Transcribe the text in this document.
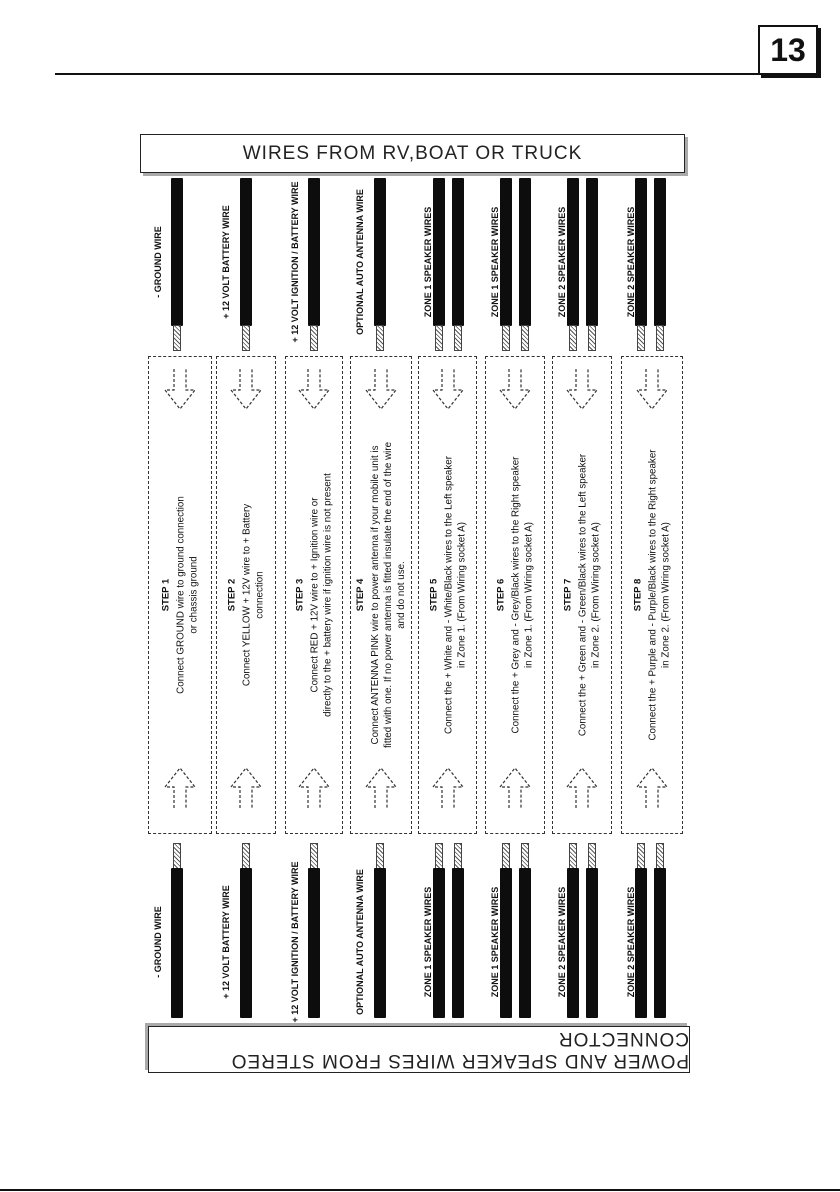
13
WIRES FROM RV,BOAT OR TRUCK
- GROUND WIRE
STEP 1 Connect GROUND wire to ground connection or chassis ground
- GROUND WIRE
+ 12 VOLT BATTERY WIRE
STEP 2 Connect YELLOW + 12V wire to + Battery connection
+ 12 VOLT BATTERY WIRE
+ 12 VOLT IGNITION / BATTERY WIRE
STEP 3 Connect RED + 12V wire to + Ignition wire or directly to the + battery wire if ignition wire is not present
+ 12 VOLT IGNITION / BATTERY WIRE
OPTIONAL AUTO ANTENNA WIRE
STEP 4 Connect ANTENNA PINK wire to power antenna if your mobile unit is fitted with one. If no power antenna is fitted insulate the end of the wire and do not use.
OPTIONAL AUTO ANTENNA WIRE
ZONE 1 SPEAKER WIRES
STEP 5 Connect the + White and - White/Black wires to the Left speaker in Zone 1. (From Wiring socket A)
ZONE 1 SPEAKER WIRES
ZONE 1 SPEAKER WIRES
STEP 6 Connect the + Grey and - Grey/Black wires to the Right speaker in Zone 1. (From Wiring socket A)
ZONE 1 SPEAKER WIRES
ZONE 2 SPEAKER WIRES
STEP 7 Connect the + Green and - Green/Black wires to the Left speaker in Zone 2. (From Wiring socket A)
ZONE 2 SPEAKER WIRES
ZONE 2 SPEAKER WIRES
STEP 8 Connect the + Purple and - Purple/Black wires to the Right speaker in Zone 2. (From Wiring socket A)
ZONE 2 SPEAKER WIRES
POWER AND SPEAKER WIRES FROM STEREO CONNECTOR
